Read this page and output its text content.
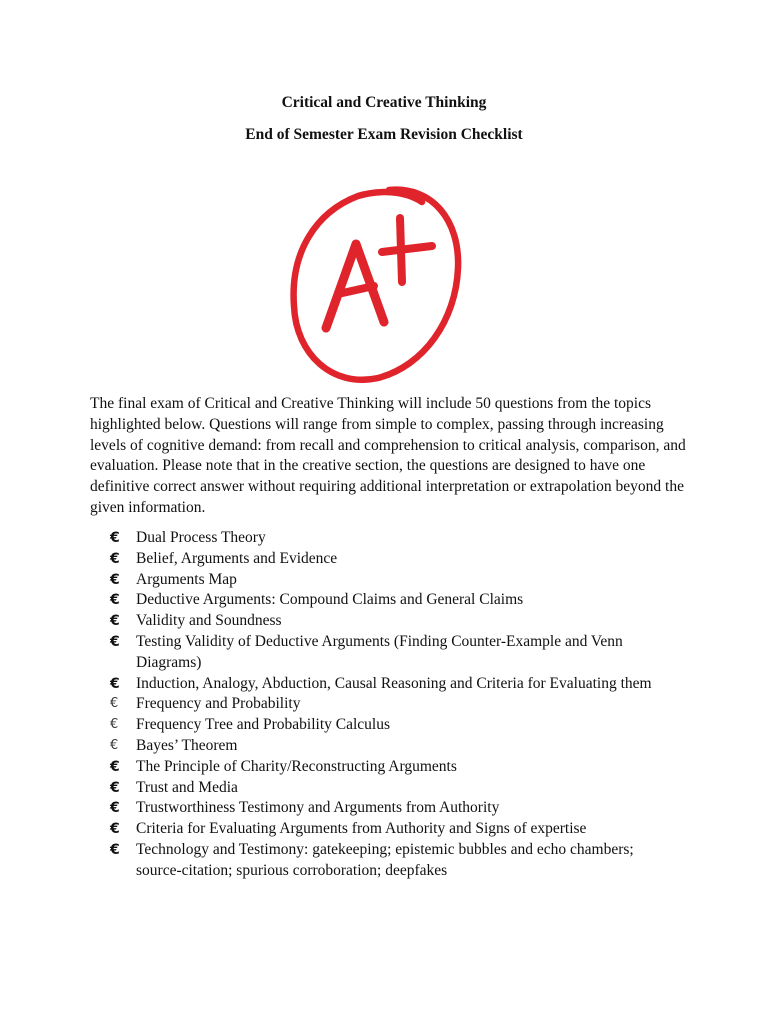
Critical and Creative Thinking
End of Semester Exam Revision Checklist

The final exam of Critical and Creative Thinking will include 50 questions from the topics highlighted below. Questions will range from simple to complex, passing through increasing levels of cognitive demand: from recall and comprehension to critical analysis, comparison, and evaluation. Please note that in the creative section, the questions are designed to have one definitive correct answer without requiring additional interpretation or extrapolation beyond the given information.

€	Dual Process Theory
€	Belief, Arguments and Evidence
€	Arguments Map
€	Deductive Arguments: Compound Claims and General Claims
€	Validity and Soundness
€	Testing Validity of Deductive Arguments (Finding Counter-Example and Venn Diagrams)
€	Induction, Analogy, Abduction, Causal Reasoning and Criteria for Evaluating them
€	Frequency and Probability
€	Frequency Tree and Probability Calculus
€	Bayes’ Theorem
€	The Principle of Charity/Reconstructing Arguments
€	Trust and Media
€	Trustworthiness Testimony and Arguments from Authority
€	Criteria for Evaluating Arguments from Authority and Signs of expertise
€	Technology and Testimony: gatekeeping; epistemic bubbles and echo chambers; source-citation; spurious corroboration; deepfakes
